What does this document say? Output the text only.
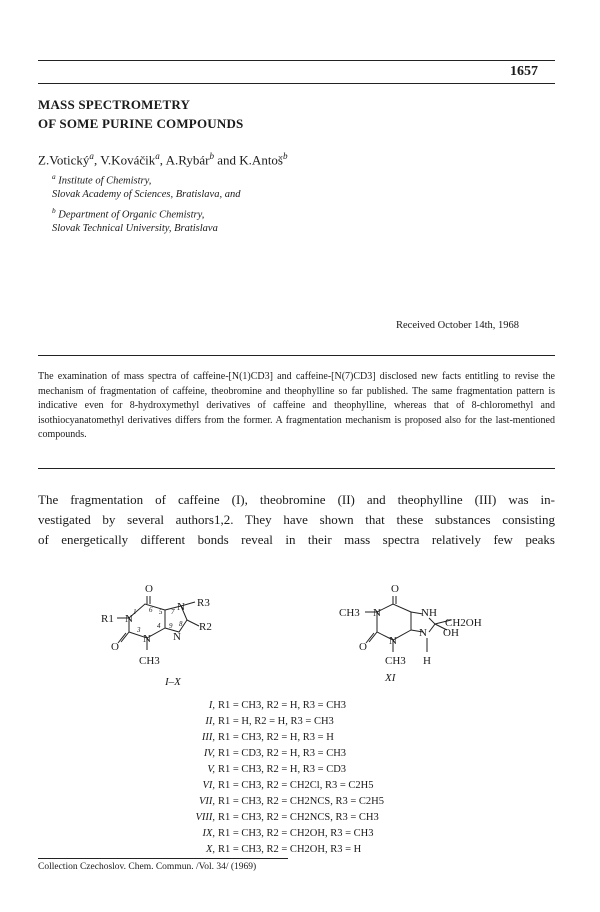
1657
MASS SPECTROMETRY
OF SOME PURINE COMPOUNDS
Z.Votický$^a$, V.Kováčik$^a$, A.Rybár$^b$ and K.Antoš$^b$
$^a$ Institute of Chemistry,
Slovak Academy of Sciences, Bratislava, and
$^b$ Department of Organic Chemistry,
Slovak Technical University, Bratislava
Received October 14th, 1968
The examination of mass spectra of caffeine-[N(1)CD3] and caffeine-[N(7)CD3] disclosed new facts entitling to revise the mechanism of fragmentation of caffeine, theobromine and theophylline so far published. The same fragmentation pattern is indicative even for 8-hydroxymethyl derivatives of caffeine and theophylline, whereas that of 8-chloromethyl and isothiocyanatomethyl derivatives differs from the former. A fragmentation mechanism is proposed also for the last-mentioned compounds.
The fragmentation of caffeine (I), theobromine (II) and theophylline (III) was in-
vestigated by several authors1,2. They have shown that these substances consisting
of energetically different bonds reveal in their mass spectra relatively few peaks
O
R1 N
N
N R3
R2
N
O
CH3
1 6 5 7
3 4 9 8
I–X
O
CH3 N	NH
CH2OH
OH
N
N
O
CH3 H
XI
I, R1 = CH3, R2 = H, R3 = CH3
II, R1 = H, R2 = H, R3 = CH3
III, R1 = CH3, R2 = H, R3 = H
IV, R1 = CD3, R2 = H, R3 = CH3
V, R1 = CH3, R2 = H, R3 = CD3
VI, R1 = CH3, R2 = CH2Cl, R3 = C2H5
VII, R1 = CH3, R2 = CH2NCS, R3 = C2H5
VIII, R1 = CH3, R2 = CH2NCS, R3 = CH3
IX, R1 = CH3, R2 = CH2OH, R3 = CH3
X, R1 = CH3, R2 = CH2OH, R3 = H
Collection Czechoslov. Chem. Commun. /Vol. 34/ (1969)
